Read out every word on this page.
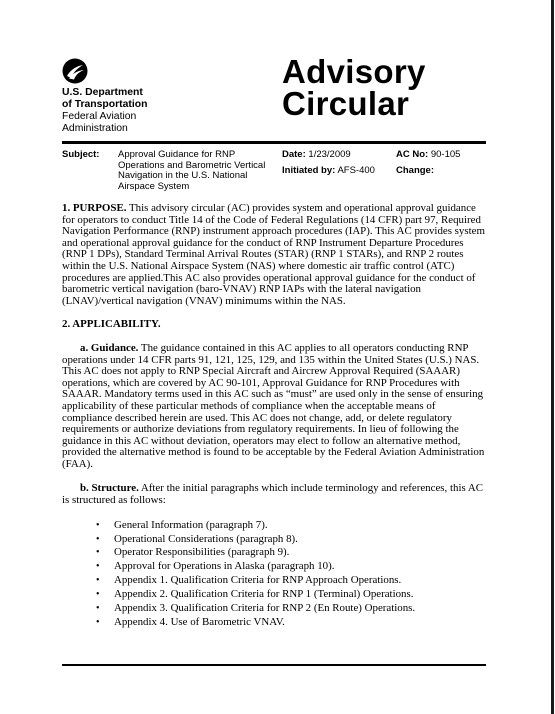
U.S. Department
of Transportation
Federal Aviation
Administration
Advisory
Circular
Subject: Approval Guidance for RNP Operations and Barometric Vertical Navigation in the U.S. National Airspace System
Date: 1/23/2009
Initiated by: AFS-400
AC No: 90-105
Change:

1. PURPOSE. This advisory circular (AC) provides system and operational approval guidance for operators to conduct Title 14 of the Code of Federal Regulations (14 CFR) part 97, Required Navigation Performance (RNP) instrument approach procedures (IAP). This AC provides system and operational approval guidance for the conduct of RNP Instrument Departure Procedures (RNP 1 DPs), Standard Terminal Arrival Routes (STAR) (RNP 1 STARs), and RNP 2 routes within the U.S. National Airspace System (NAS) where domestic air traffic control (ATC) procedures are applied.This AC also provides operational approval guidance for the conduct of barometric vertical navigation (baro-VNAV) RNP IAPs with the lateral navigation (LNAV)/vertical navigation (VNAV) minimums within the NAS.

2. APPLICABILITY.

a. Guidance. The guidance contained in this AC applies to all operators conducting RNP operations under 14 CFR parts 91, 121, 125, 129, and 135 within the United States (U.S.) NAS. This AC does not apply to RNP Special Aircraft and Aircrew Approval Required (SAAAR) operations, which are covered by AC 90-101, Approval Guidance for RNP Procedures with SAAAR. Mandatory terms used in this AC such as “must” are used only in the sense of ensuring applicability of these particular methods of compliance when the acceptable means of compliance described herein are used. This AC does not change, add, or delete regulatory requirements or authorize deviations from regulatory requirements. In lieu of following the guidance in this AC without deviation, operators may elect to follow an alternative method, provided the alternative method is found to be acceptable by the Federal Aviation Administration (FAA).

b. Structure. After the initial paragraphs which include terminology and references, this AC is structured as follows:

• General Information (paragraph 7).
• Operational Considerations (paragraph 8).
• Operator Responsibilities (paragraph 9).
• Approval for Operations in Alaska (paragraph 10).
• Appendix 1. Qualification Criteria for RNP Approach Operations.
• Appendix 2. Qualification Criteria for RNP 1 (Terminal) Operations.
• Appendix 3. Qualification Criteria for RNP 2 (En Route) Operations.
• Appendix 4. Use of Barometric VNAV.
